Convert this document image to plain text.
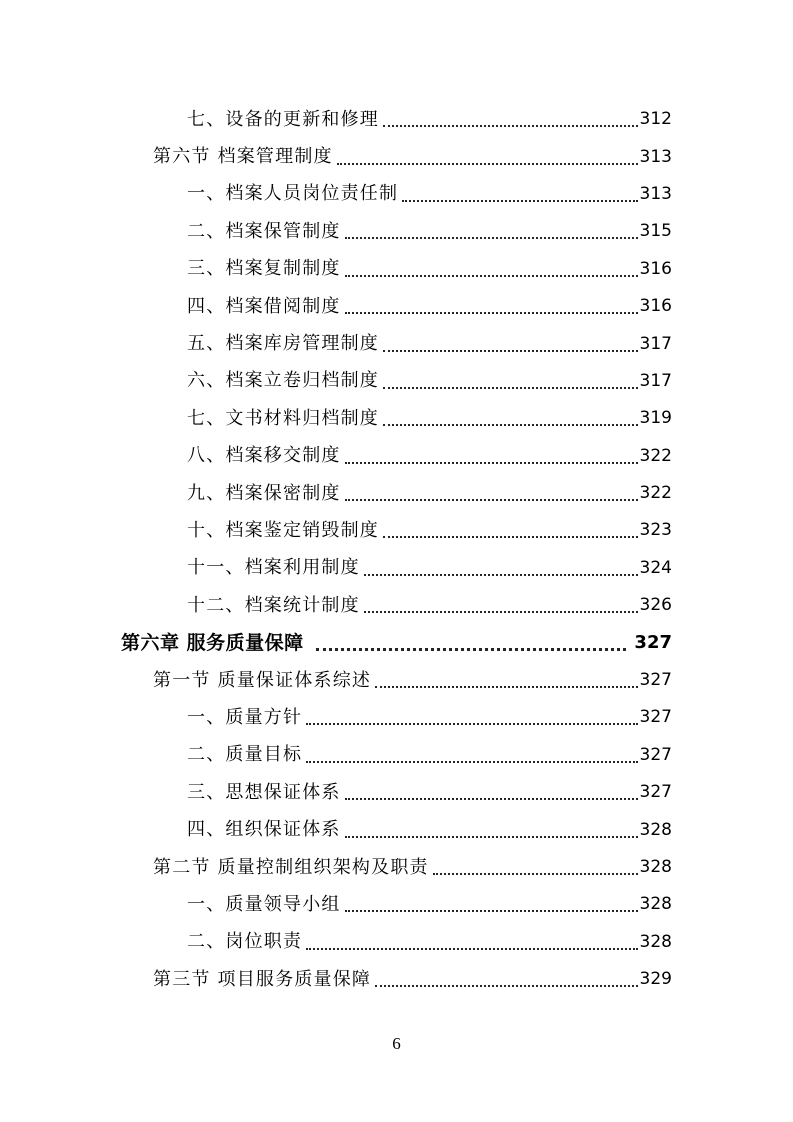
七、设备的更新和修理	312
第六节 档案管理制度	313
一、档案人员岗位责任制	313
二、档案保管制度	315
三、档案复制制度	316
四、档案借阅制度	316
五、档案库房管理制度	317
六、档案立卷归档制度	317
七、文书材料归档制度	319
八、档案移交制度	322
九、档案保密制度	322
十、档案鉴定销毁制度	323
十一、档案利用制度	324
十二、档案统计制度	326
第六章 服务质量保障	327
第一节 质量保证体系综述	327
一、质量方针	327
二、质量目标	327
三、思想保证体系	327
四、组织保证体系	328
第二节 质量控制组织架构及职责	328
一、质量领导小组	328
二、岗位职责	328
第三节 项目服务质量保障	329
6
